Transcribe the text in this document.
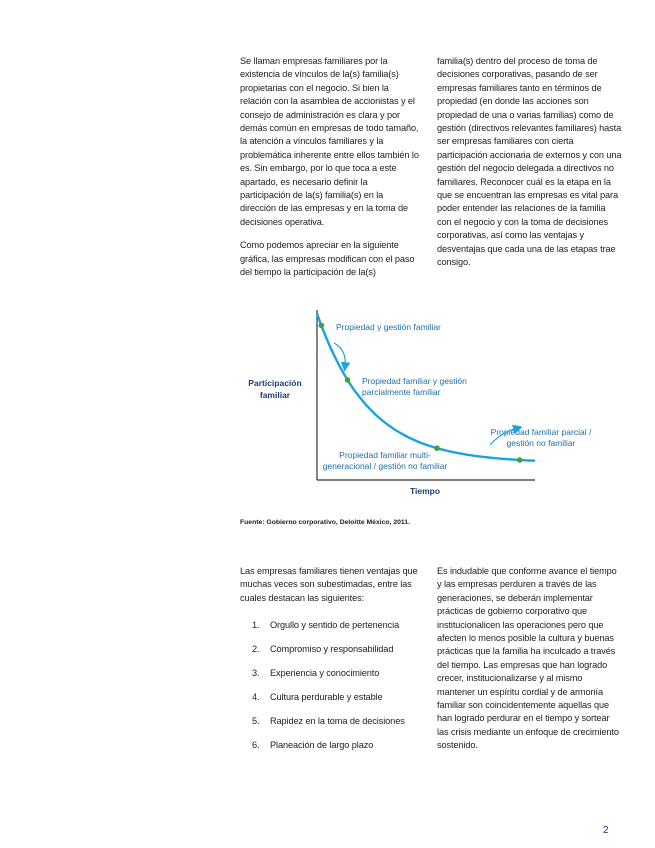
Se llaman empresas familiares por la existencia de vínculos de la(s) familia(s) propietarias con el negocio. Si bien la relación con la asamblea de accionistas y el consejo de administración es clara y por demás común en empresas de todo tamaño, la atención a vínculos familiares y la problemática inherente entre ellos también lo es. Sin embargo, por lo que toca a este apartado, es necesario definir la participación de la(s) familia(s) en la dirección de las empresas y en la toma de decisiones operativa.

Como podemos apreciar en la siguiente gráfica, las empresas modifican con el paso del tiempo la participación de la(s)

familia(s) dentro del proceso de toma de decisiones corporativas, pasando de ser empresas familiares tanto en términos de propiedad (en donde las acciones son propiedad de una o varias familias) como de gestión (directivos relevantes familiares) hasta ser empresas familiares con cierta participación accionaria de externos y con una gestión del negocio delegada a directivos no familiares. Reconocer cuál es la etapa en la que se encuentran las empresas es vital para poder entender las relaciones de la familia con el negocio y con la toma de decisiones corporativas, así como las ventajas y desventajas que cada una de las etapas trae consigo.

Propiedad y gestión familiar
Propiedad familiar y gestión
parcialmente familiar
Propiedad familiar multi-
generacional / gestión no familiar
Propiedad familiar parcial /
gestión no familiar
Participación
familiar
Tiempo
Fuente: Gobierno corporativo, Deloitte México, 2011.

Las empresas familiares tienen ventajas que muchas veces son subestimadas, entre las cuales destacan las siguientes:

1.	Orgullo y sentido de pertenencia
2.	Compromiso y responsabilidad
3.	Experiencia y conocimiento
4.	Cultura perdurable y estable
5.	Rapidez en la toma de decisiones
6.	Planeación de largo plazo

Es indudable que conforme avance el tiempo y las empresas perduren a través de las generaciones, se deberán implementar prácticas de gobierno corporativo que institucionalicen las operaciones pero que afecten lo menos posible la cultura y buenas prácticas que la familia ha inculcado a través del tiempo. Las empresas que han logrado crecer, institucionalizarse y al mismo mantener un espíritu cordial y de armonía familiar son coincidentemente aquellas que han logrado perdurar en el tiempo y sortear las crisis mediante un enfoque de crecimiento sostenido.

2
